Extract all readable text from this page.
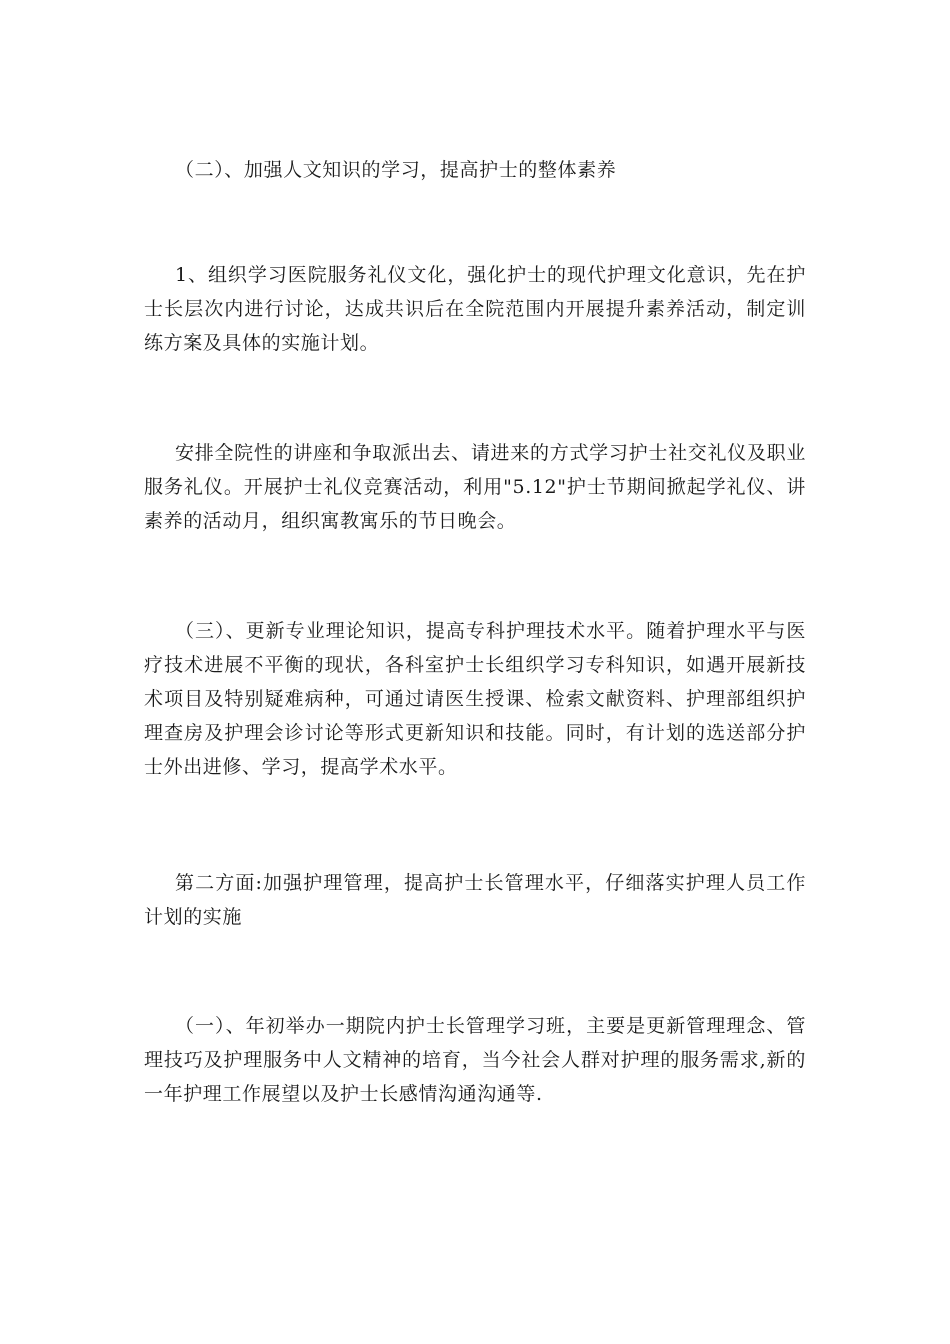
（二）、加强人文知识的学习，提高护士的整体素养

1、组织学习医院服务礼仪文化，强化护士的现代护理文化意识，先在护士长层次内进行讨论，达成共识后在全院范围内开展提升素养活动，制定训练方案及具体的实施计划。

安排全院性的讲座和争取派出去、请进来的方式学习护士社交礼仪及职业服务礼仪。开展护士礼仪竞赛活动，利用"5.12"护士节期间掀起学礼仪、讲素养的活动月，组织寓教寓乐的节日晚会。

（三）、更新专业理论知识，提高专科护理技术水平。随着护理水平与医疗技术进展不平衡的现状，各科室护士长组织学习专科知识，如遇开展新技术项目及特别疑难病种，可通过请医生授课、检索文献资料、护理部组织护理查房及护理会诊讨论等形式更新知识和技能。同时，有计划的选送部分护士外出进修、学习，提高学术水平。

第二方面:加强护理管理，提高护士长管理水平，仔细落实护理人员工作计划的实施

（一）、年初举办一期院内护士长管理学习班，主要是更新管理理念、管理技巧及护理服务中人文精神的培育，当今社会人群对护理的服务需求,新的一年护理工作展望以及护士长感情沟通沟通等.
